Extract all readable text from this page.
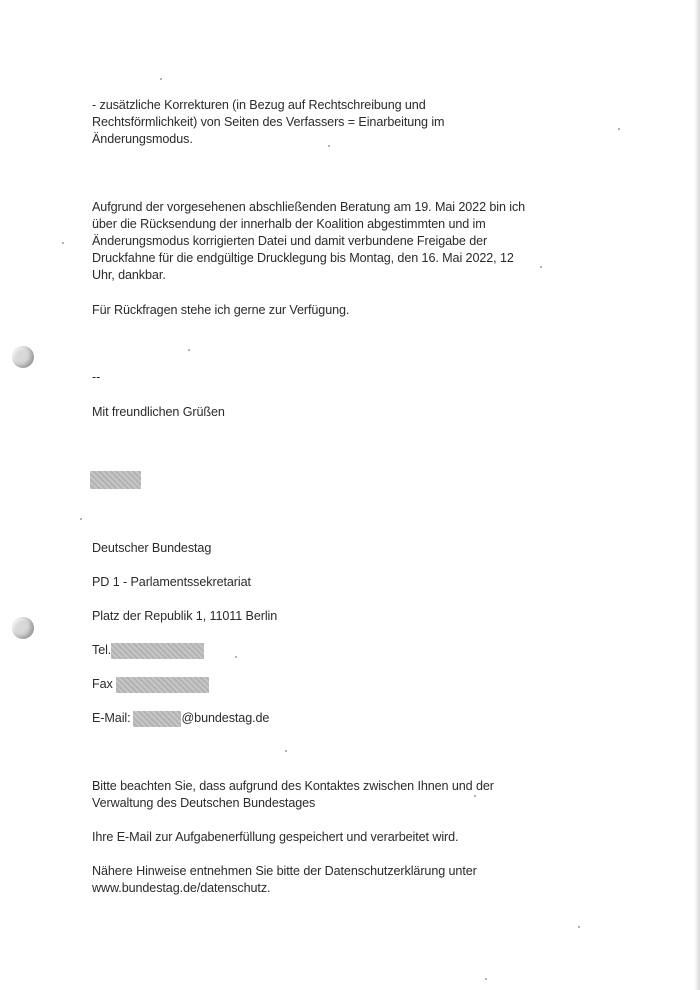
- zusätzliche Korrekturen (in Bezug auf Rechtschreibung und
Rechtsförmlichkeit) von Seiten des Verfassers = Einarbeitung im
Änderungsmodus.
Aufgrund der vorgesehenen abschließenden Beratung am 19. Mai 2022 bin ich
über die Rücksendung der innerhalb der Koalition abgestimmten und im
Änderungsmodus korrigierten Datei und damit verbundene Freigabe der
Druckfahne für die endgültige Drucklegung bis Montag, den 16. Mai 2022, 12
Uhr, dankbar.
Für Rückfragen stehe ich gerne zur Verfügung.
--
Mit freundlichen Grüßen
Deutscher Bundestag
PD 1 - Parlamentssekretariat
Platz der Republik 1, 11011 Berlin
Tel.
Fax
E-Mail:	@bundestag.de
Bitte beachten Sie, dass aufgrund des Kontaktes zwischen Ihnen und der
Verwaltung des Deutschen Bundestages
Ihre E-Mail zur Aufgabenerfüllung gespeichert und verarbeitet wird.
Nähere Hinweise entnehmen Sie bitte der Datenschutzerklärung unter
www.bundestag.de/datenschutz.
